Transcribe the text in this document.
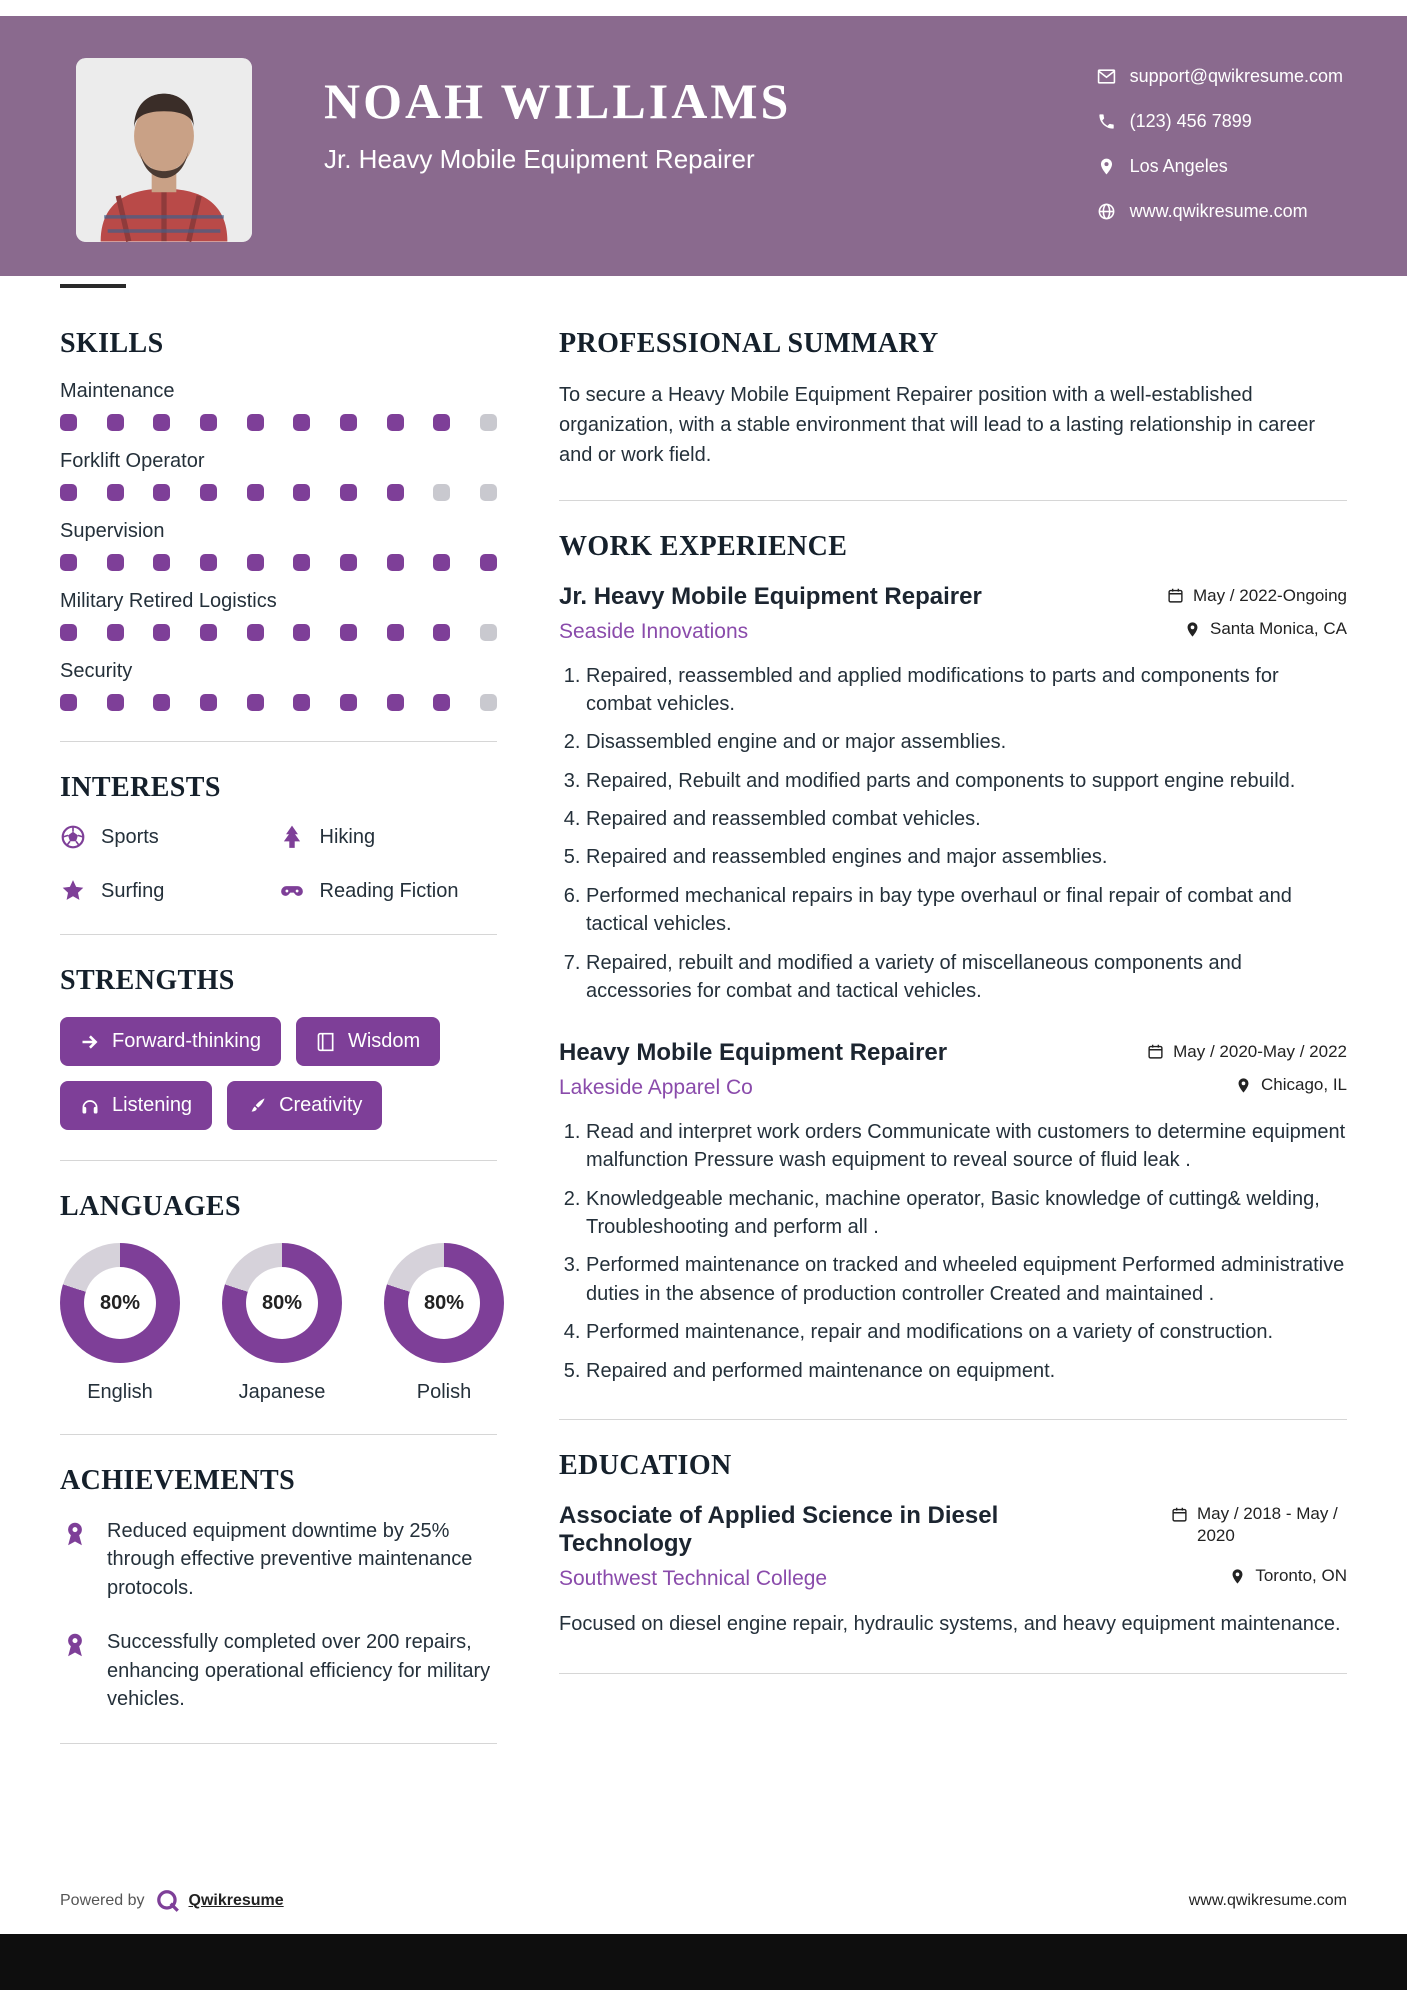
NOAH WILLIAMS
Jr. Heavy Mobile Equipment Repairer
support@qwikresume.com
(123) 456 7899
Los Angeles
www.qwikresume.com
SKILLS
Maintenance
Forklift Operator
Supervision
Military Retired Logistics
Security
INTERESTS
Sports	Hiking
Surfing	Reading Fiction
STRENGTHS
Forward-thinking	Wisdom
Listening	Creativity
LANGUAGES
80%
English
80%
Japanese
80%
Polish
ACHIEVEMENTS
Reduced equipment downtime by 25% through effective preventive maintenance protocols.
Successfully completed over 200 repairs, enhancing operational efficiency for military vehicles.
PROFESSIONAL SUMMARY

To secure a Heavy Mobile Equipment Repairer position with a well-established organization, with a stable environment that will lead to a lasting relationship in career and or work field.

WORK EXPERIENCE
Jr. Heavy Mobile Equipment Repairer	May / 2022-Ongoing
Seaside Innovations	Santa Monica, CA
1. Repaired, reassembled and applied modifications to parts and components for combat vehicles.
2. Disassembled engine and or major assemblies.
3. Repaired, Rebuilt and modified parts and components to support engine rebuild.
4. Repaired and reassembled combat vehicles.
5. Repaired and reassembled engines and major assemblies.
6. Performed mechanical repairs in bay type overhaul or final repair of combat and tactical vehicles.
7. Repaired, rebuilt and modified a variety of miscellaneous components and accessories for combat and tactical vehicles.
Heavy Mobile Equipment Repairer	May / 2020-May / 2022
Lakeside Apparel Co	Chicago, IL
1. Read and interpret work orders Communicate with customers to determine equipment malfunction Pressure wash equipment to reveal source of fluid leak .
2. Knowledgeable mechanic, machine operator, Basic knowledge of cutting& welding, Troubleshooting and perform all .
3. Performed maintenance on tracked and wheeled equipment Performed administrative duties in the absence of production controller Created and maintained .
4. Performed maintenance, repair and modifications on a variety of construction.
5. Repaired and performed maintenance on equipment.
EDUCATION
Associate of Applied Science in Diesel Technology
May / 2018 - May / 2020
Southwest Technical College	Toronto, ON

Focused on diesel engine repair, hydraulic systems, and heavy equipment maintenance.

Powered by	Qwikresume	www.qwikresume.com
